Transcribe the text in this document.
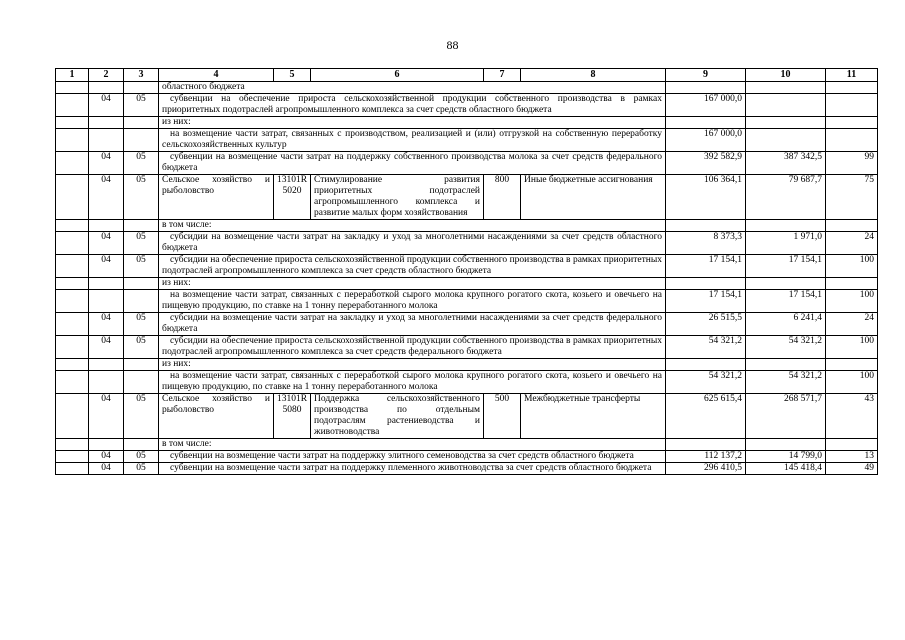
88
1	2	3	4	5	6	7	8	9	10	11
			областного бюджета							
	04	05	субвенции на обеспечение прироста сельскохозяйственной продукции собственного производства в рамках приоритетных подотраслей агропромышленного комплекса за счет средств областного бюджета					167 000,0		
			из них:							

			на возмещение части затрат, связанных с производством, реализацией и (или) отгрузкой на собственную переработку сельскохозяйственных культур					167 000,0		
	04	05	субвенции на возмещение части затрат на поддержку собственного производства молока за счет средств федерального бюджета					392 582,9	387 342,5	99
	04	05	Сельское хозяйство и рыболовство	13101R 5020	Стимулирование развития приоритетных подотраслей агропромышленного комплекса и развитие малых форм хозяйствования	800	Иные бюджетные ассигнования	106 364,1	79 687,7	75
			в том числе:							
	04	05	субсидии на возмещение части затрат на закладку и уход за многолетними насаждениями за счет средств областного бюджета					8 373,3	1 971,0	24
	04	05	субсидии на обеспечение прироста сельскохозяйственной продукции собственного производства в рамках приоритетных подотраслей агропромышленного комплекса за счет средств областного бюджета					17 154,1	17 154,1	100
			из них:							

			на возмещение части затрат, связанных с переработкой сырого молока крупного рогатого скота, козьего и овечьего на пищевую продукцию, по ставке на 1 тонну переработанного молока					17 154,1	17 154,1	100
	04	05	субсидии на возмещение части затрат на закладку и уход за многолетними насаждениями за счет средств федерального бюджета					26 515,5	6 241,4	24
	04	05	субсидии на обеспечение прироста сельскохозяйственной продукции собственного производства в рамках приоритетных подотраслей агропромышленного комплекса за счет средств федерального бюджета					54 321,2	54 321,2	100
			из них:							

			на возмещение части затрат, связанных с переработкой сырого молока крупного рогатого скота, козьего и овечьего на пищевую продукцию, по ставке на 1 тонну переработанного молока					54 321,2	54 321,2	100
	04	05	Сельское хозяйство и рыболовство	13101R 5080	Поддержка сельскохозяйственного производства по отдельным подотраслям растениеводства и животноводства	500	Межбюджетные трансферты	625 615,4	268 571,7	43
			в том числе:							
	04	05	субвенции на возмещение части затрат на поддержку элитного семеноводства за счет средств областного бюджета					112 137,2	14 799,0	13
	04	05	субвенции на возмещение части затрат на поддержку племенного животноводства за счет средств областного бюджета					296 410,5	145 418,4	49
